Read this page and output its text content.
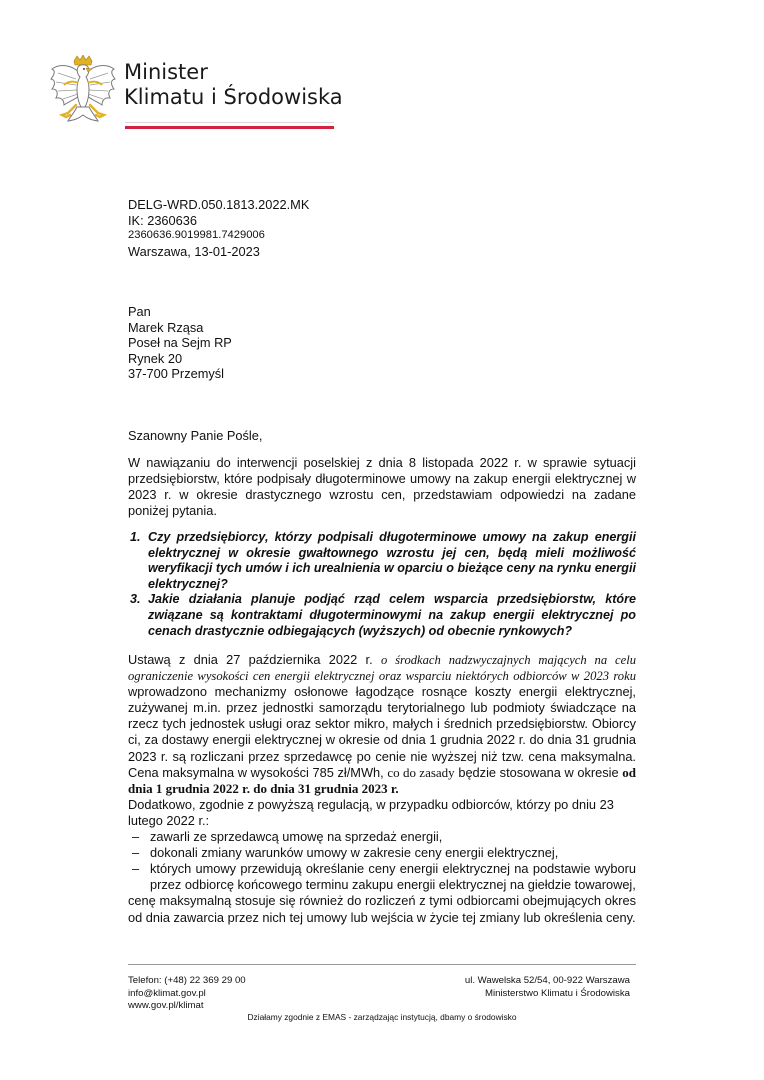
Minister
Klimatu i Środowiska
DELG-WRD.050.1813.2022.MK
IK: 2360636
2360636.9019981.7429006
Warszawa, 13-01-2023
Pan
Marek Rząsa
Poseł na Sejm RP
Rynek 20
37-700 Przemyśl
Szanowny Panie Pośle,
W nawiązaniu do interwencji poselskiej z dnia 8 listopada 2022 r. w sprawie sytuacji przedsiębiorstw, które podpisały długoterminowe umowy na zakup energii elektrycznej w 2023 r. w okresie drastycznego wzrostu cen, przedstawiam odpowiedzi na zadane poniżej pytania.
1. Czy przedsiębiorcy, którzy podpisali długoterminowe umowy na zakup energii elektrycznej w okresie gwałtownego wzrostu jej cen, będą mieli możliwość weryfikacji tych umów i ich urealnienia w oparciu o bieżące ceny na rynku energii elektrycznej?
3. Jakie działania planuje podjąć rząd celem wsparcia przedsiębiorstw, które związane są kontraktami długoterminowymi na zakup energii elektrycznej po cenach drastycznie odbiegających (wyższych) od obecnie rynkowych?

Ustawą z dnia 27 października 2022 r. o środkach nadzwyczajnych mających na celu ograniczenie wysokości cen energii elektrycznej oraz wsparciu niektórych odbiorców w 2023 roku wprowadzono mechanizmy osłonowe łagodzące rosnące koszty energii elektrycznej, zużywanej m.in. przez jednostki samorządu terytorialnego lub podmioty świadczące na rzecz tych jednostek usługi oraz sektor mikro, małych i średnich przedsiębiorstw. Obiorcy ci, za dostawy energii elektrycznej w okresie od dnia 1 grudnia 2022 r. do dnia 31 grudnia 2023 r. są rozliczani przez sprzedawcę po cenie nie wyższej niż tzw. cena maksymalna. Cena maksymalna w wysokości 785 zł/MWh, co do zasady będzie stosowana w okresie od dnia 1 grudnia 2022 r. do dnia 31 grudnia 2023 r.

Dodatkowo, zgodnie z powyższą regulacją, w przypadku odbiorców, którzy po dniu 23 lutego 2022 r.:

– zawarli ze sprzedawcą umowę na sprzedaż energii,
– dokonali zmiany warunków umowy w zakresie ceny energii elektrycznej,
– których umowy przewidują określanie ceny energii elektrycznej na podstawie wyboru przez odbiorcę końcowego terminu zakupu energii elektrycznej na giełdzie towarowej,

cenę maksymalną stosuje się również do rozliczeń z tymi odbiorcami obejmujących okres od dnia zawarcia przez nich tej umowy lub wejścia w życie tej zmiany lub określenia ceny.

Telefon: (+48) 22 369 29 00
info@klimat.gov.pl
www.gov.pl/klimat
ul. Wawelska 52/54, 00-922 Warszawa
Ministerstwo Klimatu i Środowiska
Działamy zgodnie z EMAS - zarządzając instytucją, dbamy o środowisko
